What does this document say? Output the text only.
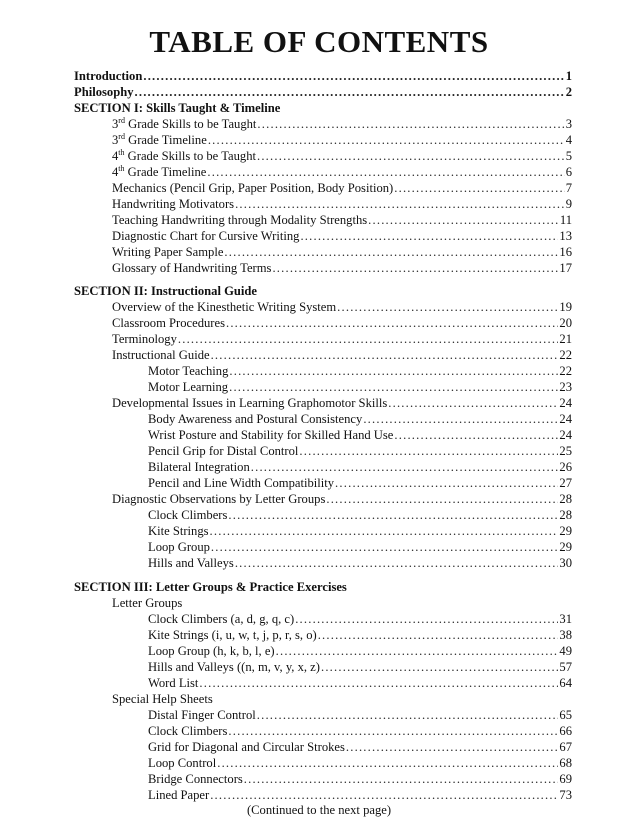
TABLE OF CONTENTS
Introduction .....	1
Philosophy .....	2
SECTION I: Skills Taught & Timeline
3rd Grade Skills to be Taught .....	3
3rd Grade Timeline .....	4
4th Grade Skills to be Taught .....	5
4th Grade Timeline .....	6
Mechanics (Pencil Grip, Paper Position, Body Position) .....	7
Handwriting Motivators .....	9
Teaching Handwriting through Modality Strengths .....	11
Diagnostic Chart for Cursive Writing .....	13
Writing Paper Sample .....	16
Glossary of Handwriting Terms .....	17
SECTION II: Instructional Guide
Overview of the Kinesthetic Writing System .....	19
Classroom Procedures .....	20
Terminology .....	21
Instructional Guide .....	22
Motor Teaching .....	22
Motor Learning .....	23
Developmental Issues in Learning Graphomotor Skills .....	24
Body Awareness and Postural Consistency .....	24
Wrist Posture and Stability for Skilled Hand Use .....	24
Pencil Grip for Distal Control .....	25
Bilateral Integration .....	26
Pencil and Line Width Compatibility .....	27
Diagnostic Observations by Letter Groups .....	28
Clock Climbers .....	28
Kite Strings .....	29
Loop Group .....	29
Hills and Valleys .....	30
SECTION III: Letter Groups & Practice Exercises
Letter Groups
Clock Climbers (a, d, g, q, c) .....	31
Kite Strings (i, u, w, t, j, p, r, s, o) .....	38
Loop Group (h, k, b, l, e) .....	49
Hills and Valleys ((n, m, v, y, x, z) .....	57
Word List .....	64
Special Help Sheets
Distal Finger Control .....	65
Clock Climbers .....	66
Grid for Diagonal and Circular Strokes .....	67
Loop Control .....	68
Bridge Connectors .....	69
Lined Paper .....	73
(Continued to the next page)
